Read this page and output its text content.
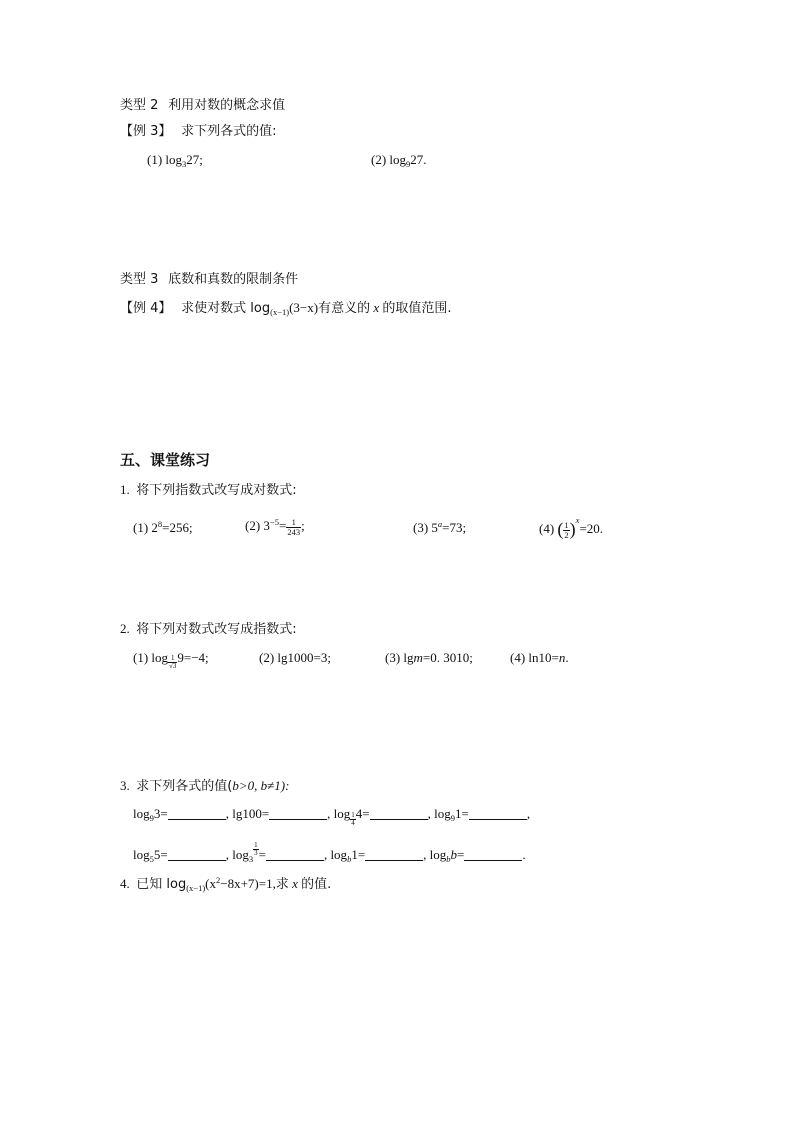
类型 2 利用对数的概念求值
【例 3】 求下列各式的值:
(1) $\log_327$;	(2) $\log_927$.
类型 3 底数和真数的限制条件
【例 4】 求使对数式 $\log_{(x-1)}(3-x)$有意义的 x 的取值范围.
五、课堂练习
1. 将下列指数式改写成对数式:
(1) $2^8=256$;	(2) $3^{-5}= \frac{1}{243}$ ;	(3) $5^a=73$;	(4) ( $\frac{1}{2} )^x=20$.
2. 将下列对数式改写成指数式:
(1) $\log \frac{1}{√3} 9=-4$;	(2) lg1000=3;	(3) lgm=0. 3010;	(4) ln10=n.
3. 求下列各式的值(b>0, b≠1):
$\log_93=$	, lg100=	, $\log \frac{1}{4} 4=$	, $\log_91=$	,
$\log_55=$	, $\log_3$
$\frac{1}{3}$ =	, $\log_b1=$	, $\log_bb=$	.
4. 已知 $\log_{(x-1)}(x^2-8x+7)=1$,求 x 的值.
